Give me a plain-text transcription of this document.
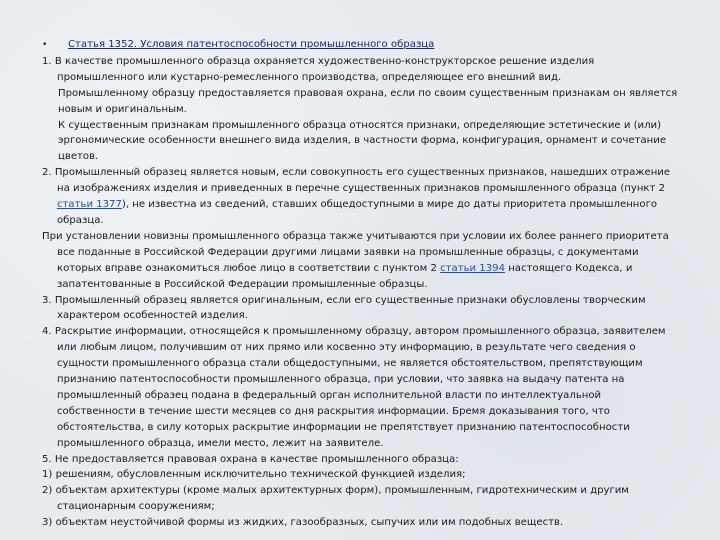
• Статья 1352. Условия патентоспособности промышленного образца

1. В качестве промышленного образца охраняется художественно-конструкторское решение изделия промышленного или кустарно-ремесленного производства, определяющее его внешний вид.

Промышленному образцу предоставляется правовая охрана, если по своим существенным признакам он является новым и оригинальным.

К существенным признакам промышленного образца относятся признаки, определяющие эстетические и (или) эргономические особенности внешнего вида изделия, в частности форма, конфигурация, орнамент и сочетание цветов.

2. Промышленный образец является новым, если совокупность его существенных признаков, нашедших отражение на изображениях изделия и приведенных в перечне существенных признаков промышленного образца (пункт 2 статьи 1377), не известна из сведений, ставших общедоступными в мире до даты приоритета промышленного образца.

При установлении новизны промышленного образца также учитываются при условии их более раннего приоритета все поданные в Российской Федерации другими лицами заявки на промышленные образцы, с документами которых вправе ознакомиться любое лицо в соответствии с пунктом 2 статьи 1394 настоящего Кодекса, и запатентованные в Российской Федерации промышленные образцы.

3. Промышленный образец является оригинальным, если его существенные признаки обусловлены творческим характером особенностей изделия.

4. Раскрытие информации, относящейся к промышленному образцу, автором промышленного образца, заявителем или любым лицом, получившим от них прямо или косвенно эту информацию, в результате чего сведения о сущности промышленного образца стали общедоступными, не является обстоятельством, препятствующим признанию патентоспособности промышленного образца, при условии, что заявка на выдачу патента на промышленный образец подана в федеральный орган исполнительной власти по интеллектуальной собственности в течение шести месяцев со дня раскрытия информации. Бремя доказывания того, что обстоятельства, в силу которых раскрытие информации не препятствует признанию патентоспособности промышленного образца, имели место, лежит на заявителе.

5. Не предоставляется правовая охрана в качестве промышленного образца:

1) решениям, обусловленным исключительно технической функцией изделия;

2) объектам архитектуры (кроме малых архитектурных форм), промышленным, гидротехническим и другим стационарным сооружениям;

3) объектам неустойчивой формы из жидких, газообразных, сыпучих или им подобных веществ.
